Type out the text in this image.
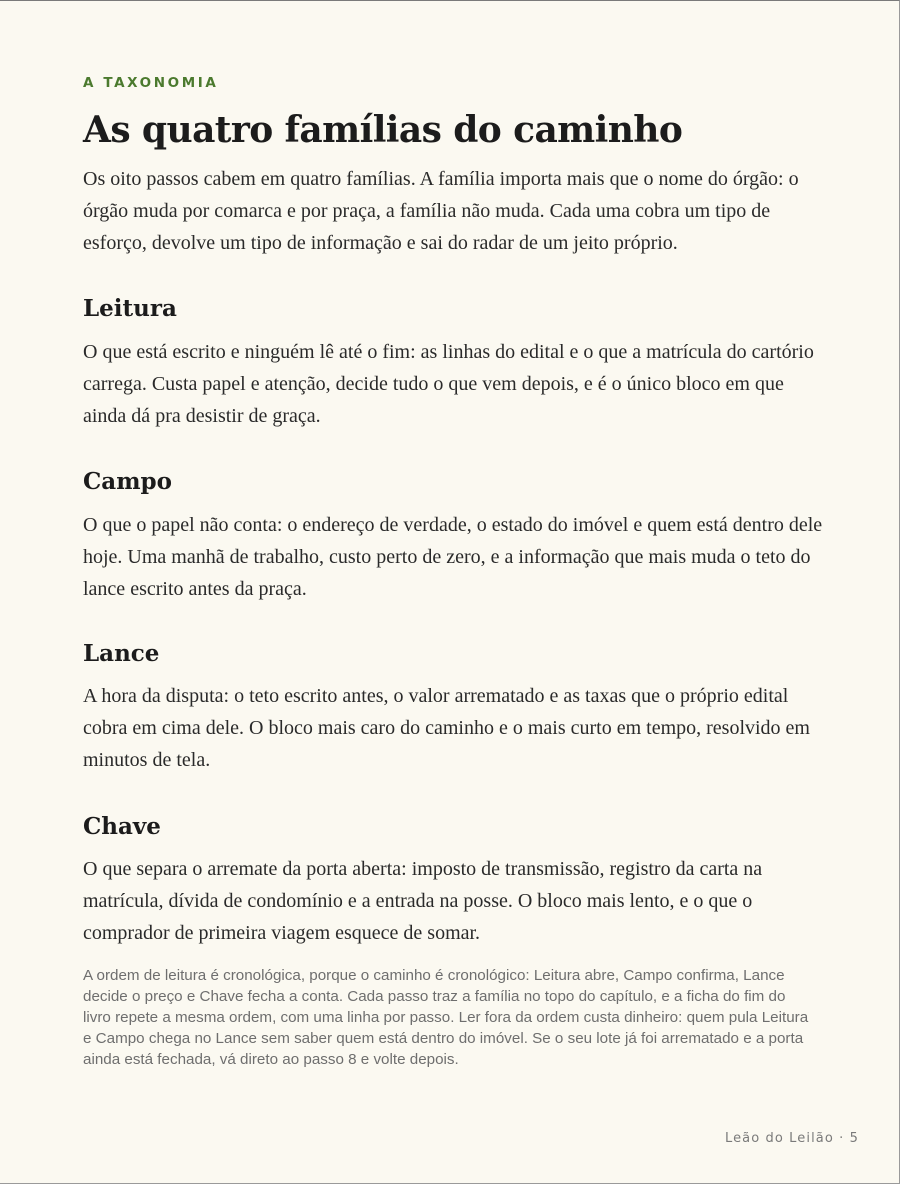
A TAXONOMIA
As quatro famílias do caminho

Os oito passos cabem em quatro famílias. A família importa mais que o nome do órgão: o órgão muda por comarca e por praça, a família não muda. Cada uma cobra um tipo de esforço, devolve um tipo de informação e sai do radar de um jeito próprio.

Leitura

O que está escrito e ninguém lê até o fim: as linhas do edital e o que a matrícula do cartório carrega. Custa papel e atenção, decide tudo o que vem depois, e é o único bloco em que ainda dá pra desistir de graça.

Campo

O que o papel não conta: o endereço de verdade, o estado do imóvel e quem está dentro dele hoje. Uma manhã de trabalho, custo perto de zero, e a informação que mais muda o teto do lance escrito antes da praça.

Lance

A hora da disputa: o teto escrito antes, o valor arrematado e as taxas que o próprio edital cobra em cima dele. O bloco mais caro do caminho e o mais curto em tempo, resolvido em minutos de tela.

Chave

O que separa o arremate da porta aberta: imposto de transmissão, registro da carta na matrícula, dívida de condomínio e a entrada na posse. O bloco mais lento, e o que o comprador de primeira viagem esquece de somar.

A ordem de leitura é cronológica, porque o caminho é cronológico: Leitura abre, Campo confirma, Lance decide o preço e Chave fecha a conta. Cada passo traz a família no topo do capítulo, e a ficha do fim do livro repete a mesma ordem, com uma linha por passo. Ler fora da ordem custa dinheiro: quem pula Leitura e Campo chega no Lance sem saber quem está dentro do imóvel. Se o seu lote já foi arrematado e a porta ainda está fechada, vá direto ao passo 8 e volte depois.

Leão do Leilão · 5
